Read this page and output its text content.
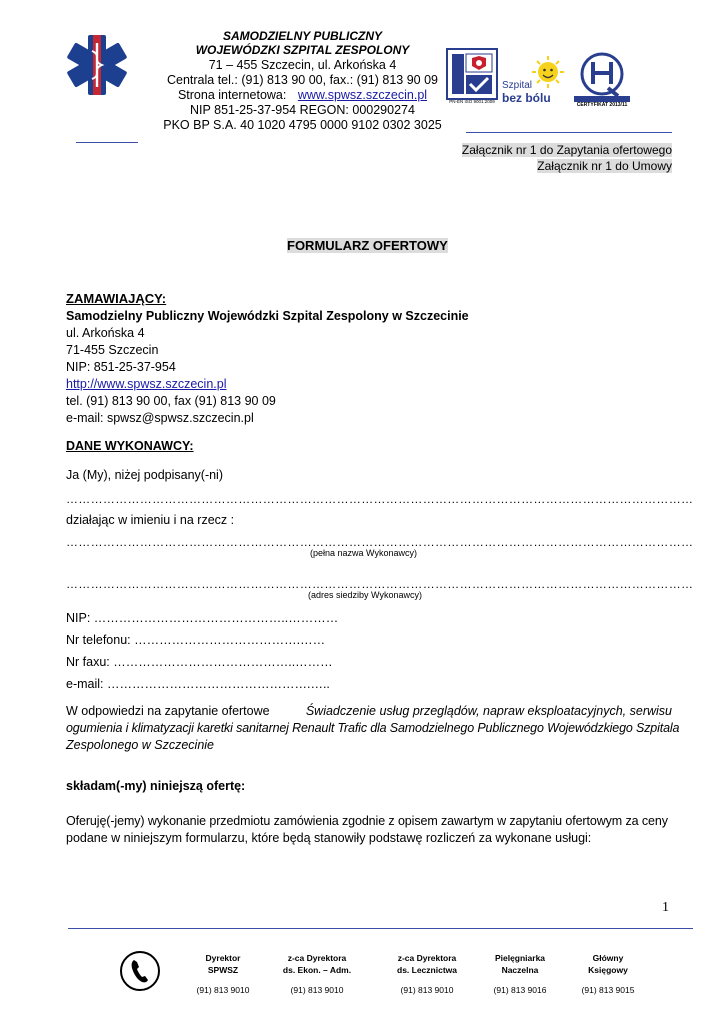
SAMODZIELNY PUBLICZNY
WOJEWÓDZKI SZPITAL ZESPOLONY
71 – 455 Szczecin, ul. Arkońska 4
Centrala tel.: (91) 813 90 00, fax.: (91) 813 90 09
Strona internetowa: www.spwsz.szczecin.pl
NIP 851-25-37-954 REGON: 000290274
PKO BP S.A. 40 1020 4795 0000 9102 0302 3025
PN-EN ISO 9001:2009
Szpital
bez bólu	CERTYFIKAT 2013/11
Załącznik nr 1 do Zapytania ofertowego
Załącznik nr 1 do Umowy
FORMULARZ OFERTOWY
ZAMAWIAJĄCY:
Samodzielny Publiczny Wojewódzki Szpital Zespolony w Szczecinie
ul. Arkońska 4
71-455 Szczecin
NIP: 851-25-37-954
http://www.spwsz.szczecin.pl
tel. (91) 813 90 00, fax (91) 813 90 09
e-mail: spwsz@spwsz.szczecin.pl
DANE WYKONAWCY:
Ja (My), niżej podpisany(-ni)
………………………………………………………………………………………………………………………………………
działając w imieniu i na rzecz :
………………………………………………………………………………………………………………………………………
(pełna nazwa Wykonawcy)
………………………………………………………………………………………………………………………………………
(adres siedziby Wykonawcy)
NIP: ………………………………………..…………
Nr telefonu: ………………………………….……
Nr faxu: ……………………………………..………
e-mail: ………………………………………….…..
W odpowiedzi na zapytanie ofertowe	Świadczenie usług przeglądów, napraw eksploatacyjnych, serwisu
ogumienia i klimatyzacji karetki sanitarnej Renault Trafic dla Samodzielnego Publicznego Wojewódzkiego Szpitala
Zespolonego w Szczecinie
składam(-my) niniejszą ofertę:
Oferuję(-jemy) wykonanie przedmiotu zamówienia zgodnie z opisem zawartym w zapytaniu ofertowym za ceny
podane w niniejszym formularzu, które będą stanowiły podstawę rozliczeń za wykonane usługi:
1
Dyrektor
SPWSZ
(91) 813 9010
z-ca Dyrektora
ds. Ekon. – Adm.
(91) 813 9010
z-ca Dyrektora
ds. Lecznictwa
(91) 813 9010
Pielęgniarka
Naczelna
(91) 813 9016
Główny
Księgowy
(91) 813 9015
